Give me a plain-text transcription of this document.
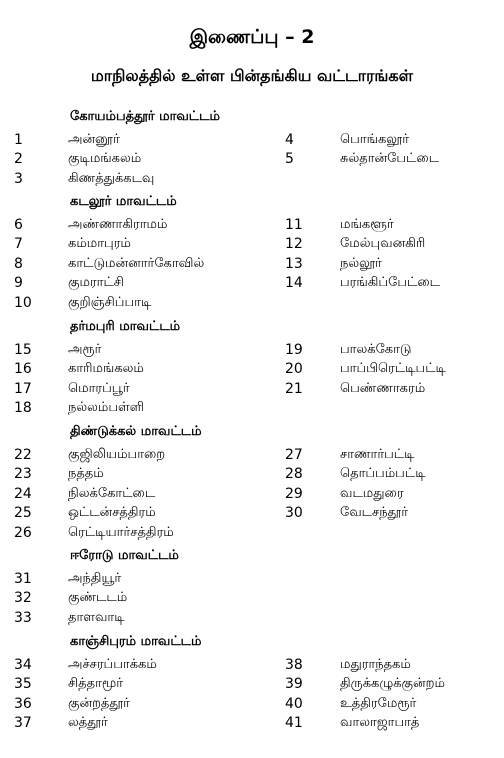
இணைப்பு – 2
மாநிலத்தில் உள்ள பின்தங்கிய வட்டாரங்கள்
கோயம்பத்தூர் மாவட்டம்
1	அன்னூர்
2	குடிமங்கலம்
3	கிணத்துக்கடவு
4	பொங்கலூர்
5	சுல்தான்பேட்டை
கடலூர் மாவட்டம்
6	அண்ணாகிராமம்
7	கம்மாபுரம்
8	காட்டுமன்னார்கோவில்
9	குமராட்சி
10	குறிஞ்சிப்பாடி
11	மங்களூர்
12	மேல்புவனகிரி
13	நல்லூர்
14	பரங்கிப்பேட்டை
தர்மபுரி மாவட்டம்
15	அரூர்
16	காரிமங்கலம்
17	மொரப்பூர்
18	நல்லம்பள்ளி
19	பாலக்கோடு
20	பாப்பிரெட்டிபட்டி
21	பெண்ணாகரம்
திண்டுக்கல் மாவட்டம்
22	குஜிலியம்பாறை
23	நத்தம்
24	நிலக்கோட்டை
25	ஒட்டன்சத்திரம்
26	ரெட்டியார்சத்திரம்
27	சாணார்பட்டி
28	தொப்பம்பட்டி
29	வடமதுரை
30	வேடசந்தூர்
ஈரோடு மாவட்டம்
31	அந்தியூர்
32	குண்டடம்
33	தாளவாடி
காஞ்சிபுரம் மாவட்டம்
34	அச்சரப்பாக்கம்
35	சித்தாமூர்
36	குன்றத்தூர்
37	லத்தூர்
38	மதுராந்தகம்
39	திருக்கழுக்குன்றம்
40	உத்திரமேரூர்
41	வாலாஜாபாத்
